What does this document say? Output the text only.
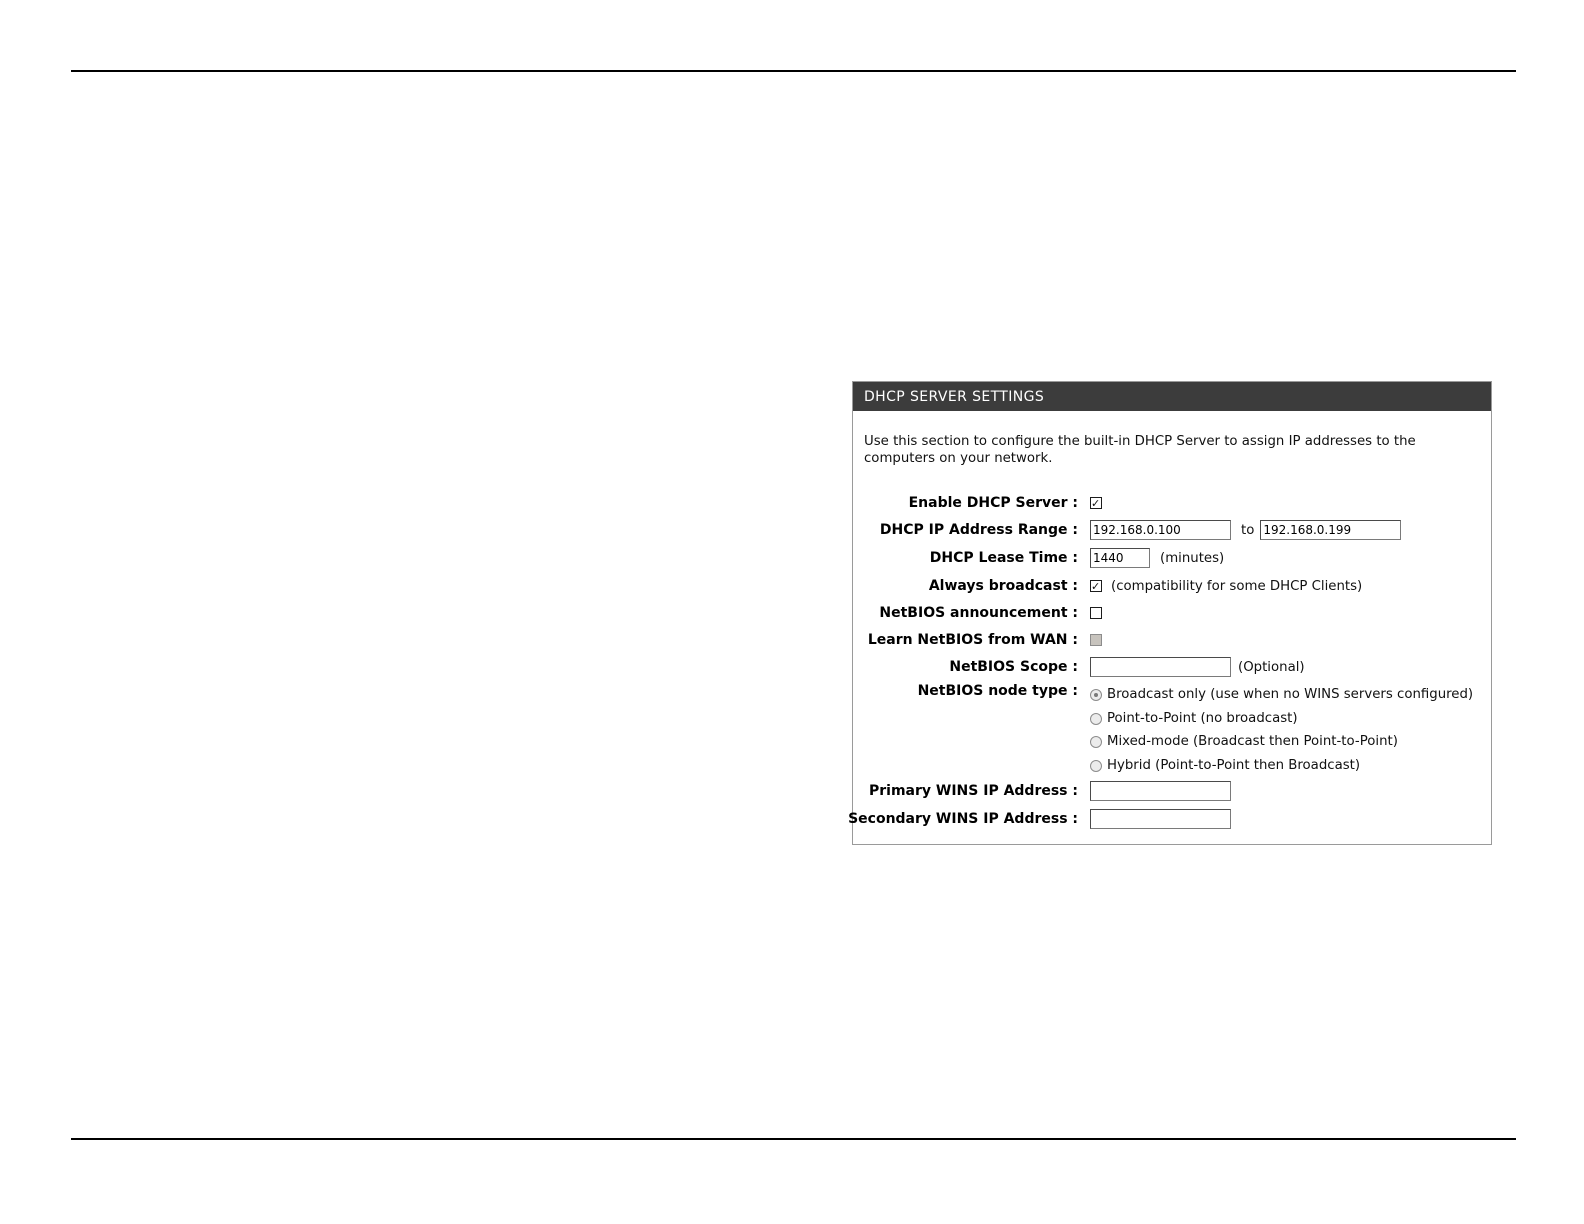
DHCP SERVER SETTINGS
Use this section to configure the built-in DHCP Server to assign IP addresses to the computers on your network.
Enable DHCP Server :
✓
DHCP IP Address Range :
192.168.0.100	to
192.168.0.199
DHCP Lease Time :
1440	(minutes)
Always broadcast :
✓ (compatibility for some DHCP Clients)
NetBIOS announcement :
Learn NetBIOS from WAN :
NetBIOS Scope :	(Optional)
NetBIOS node type : Broadcast only (use when no WINS servers configured)
Point-to-Point (no broadcast)
Mixed-mode (Broadcast then Point-to-Point)
Hybrid (Point-to-Point then Broadcast)
Primary WINS IP Address :
Secondary WINS IP Address :
